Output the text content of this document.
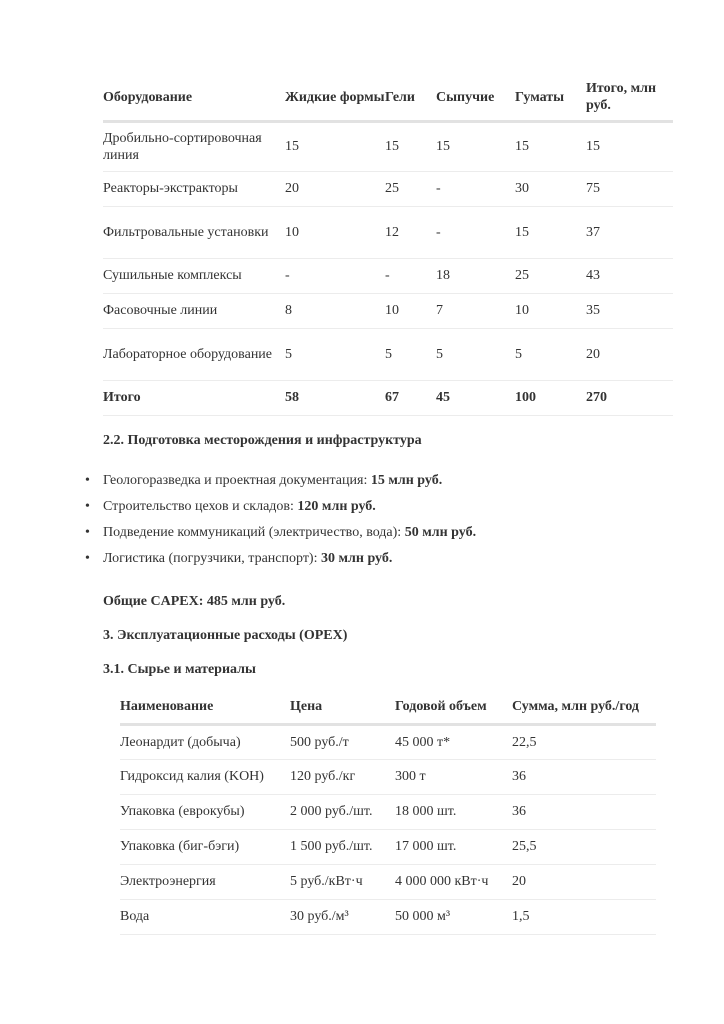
Оборудование	Жидкие формы	Гели	Сыпучие	Гуматы	Итого, млн руб.
Дробильно-сортировочная линия	15	15	15	15	15
Реакторы-экстракторы	20	25	-	30	75
Фильтровальные установки	10	12	-	15	37
Сушильные комплексы	-	-	18	25	43
Фасовочные линии	8	10	7	10	35
Лабораторное оборудование	5	5	5	5	20
Итого	58	67	45	100	270
2.2. Подготовка месторождения и инфраструктура
• Геологоразведка и проектная документация: 15 млн руб.
• Строительство цехов и складов: 120 млн руб.
• Подведение коммуникаций (электричество, вода): 50 млн руб.
• Логистика (погрузчики, транспорт): 30 млн руб.
Общие CAPEX: 485 млн руб.
3. Эксплуатационные расходы (OPEX)
3.1. Сырье и материалы
Наименование	Цена	Годовой объем	Сумма, млн руб./год
Леонардит (добыча)	500 руб./т	45 000 т*	22,5
Гидроксид калия (KOH)	120 руб./кг	300 т	36
Упаковка (еврокубы)	2 000 руб./шт.	18 000 шт.	36
Упаковка (биг-бэги)	1 500 руб./шт.	17 000 шт.	25,5
Электроэнергия	5 руб./кВт·ч	4 000 000 кВт·ч	20
Вода	30 руб./м³	50 000 м³	1,5
